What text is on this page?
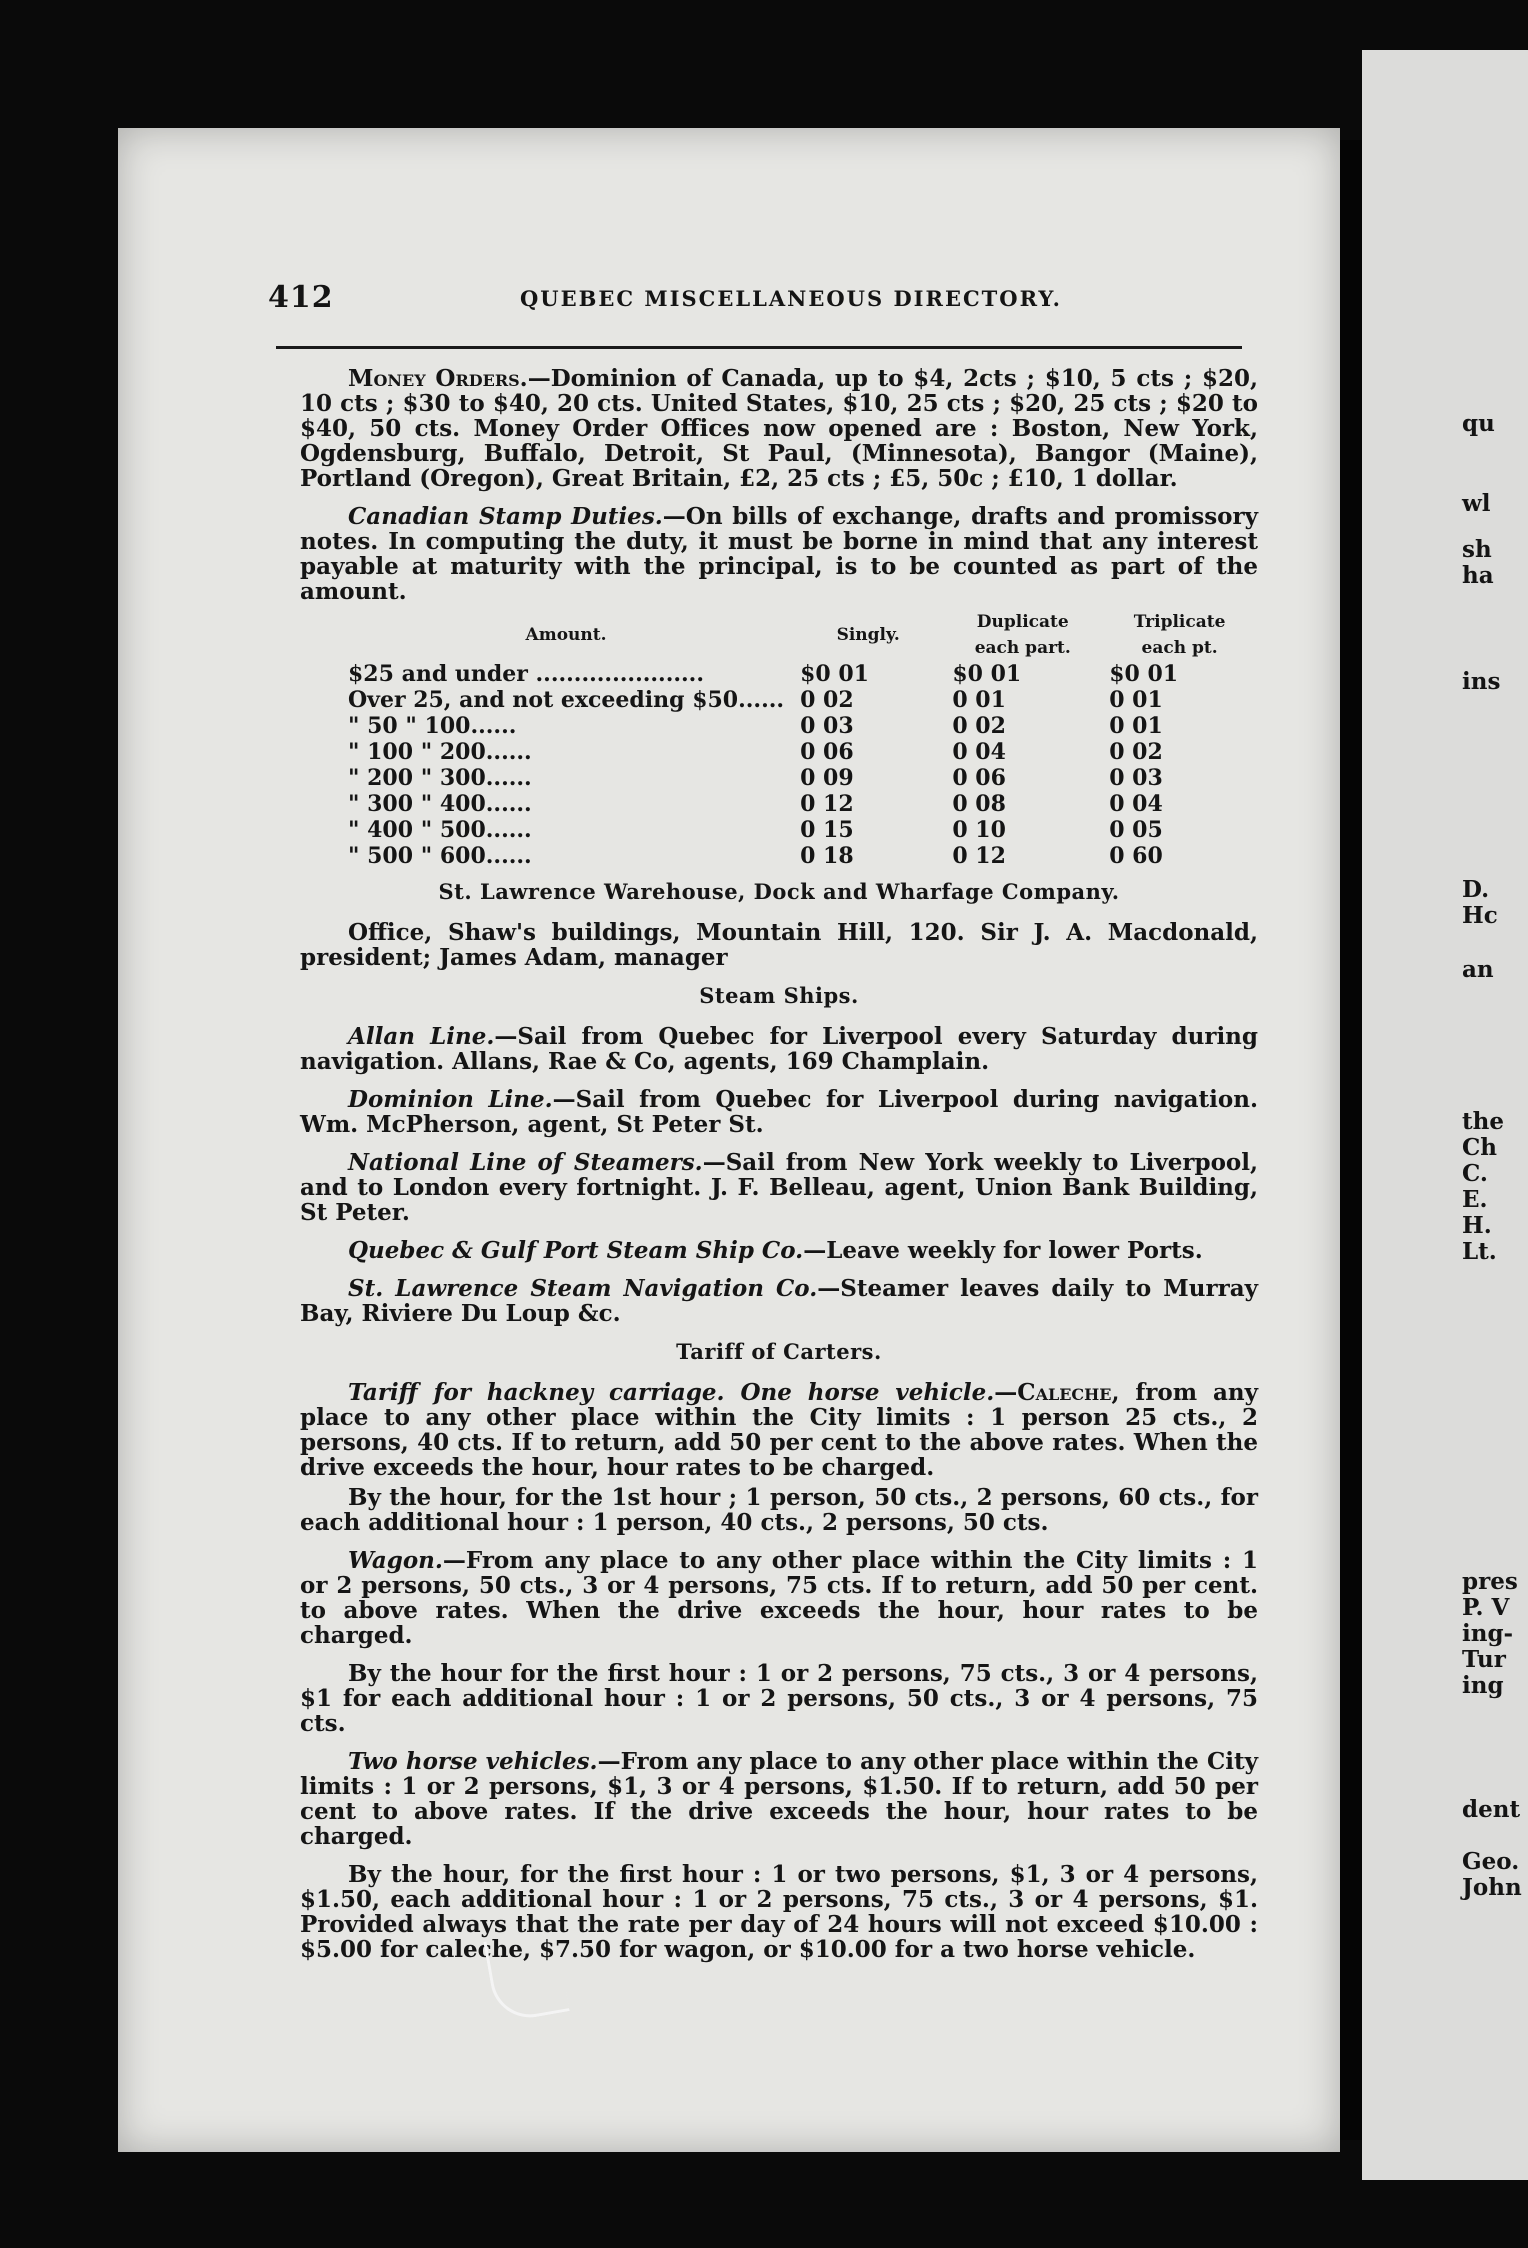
qu
wl
sh
ha
ins
D.
Hc
an
the
Ch
C.
E.
H.
Lt.
pres
P. V
ing-
Tur
ing
dent
Geo.
John
412	QUEBEC MISCELLANEOUS DIRECTORY.

Money Orders.—Dominion of Canada, up to $4, 2cts ; $10, 5 cts ; $20, 10 cts ; $30 to $40, 20 cts. United States, $10, 25 cts ; $20, 25 cts ; $20 to $40, 50 cts. Money Order Offices now opened are : Boston, New York, Ogdensburg, Buffalo, Detroit, St Paul, (Minnesota), Bangor (Maine), Portland (Oregon), Great Britain, £2, 25 cts ; £5, 50c ; £10, 1 dollar.

Canadian Stamp Duties.—On bills of exchange, drafts and promissory notes. In computing the duty, it must be borne in mind that any interest payable at maturity with the principal, is to be counted as part of the amount.

Amount.	Singly.	Duplicate each part.	Triplicate each pt.
$25 and under ......................	$0 01	$0 01	$0 01
Over 25, and not exceeding $50......	0 02	0 01	0 01
" 50 " 100......	0 03	0 02	0 01
" 100 " 200......	0 06	0 04	0 02
" 200 " 300......	0 09	0 06	0 03
" 300 " 400......	0 12	0 08	0 04
" 400 " 500......	0 15	0 10	0 05
" 500 " 600......	0 18	0 12	0 60
St. Lawrence Warehouse, Dock and Wharfage Company.

Office, Shaw's buildings, Mountain Hill, 120. Sir J. A. Macdonald, president; James Adam, manager

Steam Ships.

Allan Line.—Sail from Quebec for Liverpool every Saturday during navigation. Allans, Rae & Co, agents, 169 Champlain.

Dominion Line.—Sail from Quebec for Liverpool during navigation. Wm. McPherson, agent, St Peter St.

National Line of Steamers.—Sail from New York weekly to Liverpool, and to London every fortnight. J. F. Belleau, agent, Union Bank Building, St Peter.

Quebec & Gulf Port Steam Ship Co.—Leave weekly for lower Ports.

St. Lawrence Steam Navigation Co.—Steamer leaves daily to Murray Bay, Riviere Du Loup &c.

Tariff of Carters.

Tariff for hackney carriage. One horse vehicle.—Caleche, from any place to any other place within the City limits : 1 person 25 cts., 2 persons, 40 cts. If to return, add 50 per cent to the above rates. When the drive exceeds the hour, hour rates to be charged.

By the hour, for the 1st hour ; 1 person, 50 cts., 2 persons, 60 cts., for each additional hour : 1 person, 40 cts., 2 persons, 50 cts.

Wagon.—From any place to any other place within the City limits : 1 or 2 persons, 50 cts., 3 or 4 persons, 75 cts. If to return, add 50 per cent. to above rates. When the drive exceeds the hour, hour rates to be charged.

By the hour for the first hour : 1 or 2 persons, 75 cts., 3 or 4 persons, $1 for each additional hour : 1 or 2 persons, 50 cts., 3 or 4 persons, 75 cts.

Two horse vehicles.—From any place to any other place within the City limits : 1 or 2 persons, $1, 3 or 4 persons, $1.50. If to return, add 50 per cent to above rates. If the drive exceeds the hour, hour rates to be charged.

By the hour, for the first hour : 1 or two persons, $1, 3 or 4 persons, $1.50, each additional hour : 1 or 2 persons, 75 cts., 3 or 4 persons, $1. Provided always that the rate per day of 24 hours will not exceed $10.00 : $5.00 for caleche, $7.50 for wagon, or $10.00 for a two horse vehicle.
